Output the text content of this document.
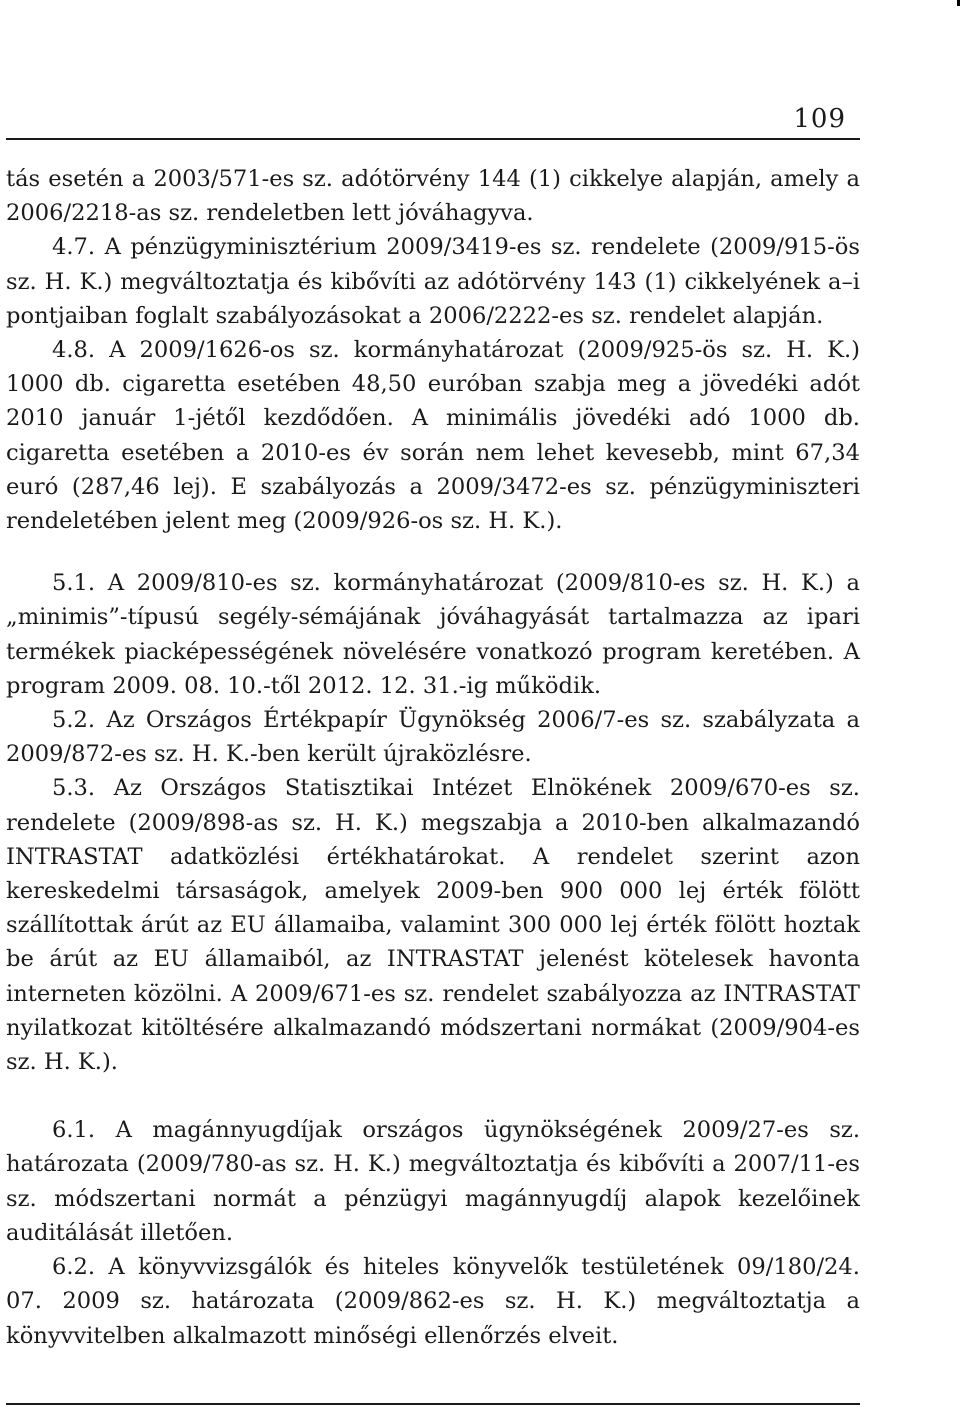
109

tás esetén a 2003/571-es sz. adótörvény 144 (1) cikkelye alapján, amely a 2006/2218-as sz. rendeletben lett jóváhagyva.

4.7. A pénzügyminisztérium 2009/3419-es sz. rendelete (2009/915-ös sz. H. K.) megváltoztatja és kibővíti az adótörvény 143 (1) cikkelyének a–i pontjaiban foglalt szabályozásokat a 2006/2222-es sz. rendelet alapján.

4.8. A 2009/1626-os sz. kormányhatározat (2009/925-ös sz. H. K.) 1000 db. cigaretta esetében 48,50 euróban szabja meg a jövedéki adót 2010 január 1-jétől kezdődően. A minimális jövedéki adó 1000 db. cigaretta esetében a 2010-es év során nem lehet kevesebb, mint 67,34 euró (287,46 lej). E szabályozás a 2009/3472-es sz. pénzügyminiszteri rendeletében jelent meg (2009/926-os sz. H. K.).

5.1. A 2009/810-es sz. kormányhatározat (2009/810-es sz. H. K.) a „minimis”-típusú segély-sémájának jóváhagyását tartalmazza az ipari termékek piacképességének növelésére vonatkozó program keretében. A program 2009. 08. 10.-től 2012. 12. 31.-ig működik.

5.2. Az Országos Értékpapír Ügynökség 2006/7-es sz. szabályzata a 2009/872-es sz. H. K.-ben került újraközlésre.

5.3. Az Országos Statisztikai Intézet Elnökének 2009/670-es sz. rendelete (2009/898-as sz. H. K.) megszabja a 2010-ben alkalmazandó INTRASTAT adatközlési értékhatárokat. A rendelet szerint azon kereskedelmi társaságok, amelyek 2009-ben 900 000 lej érték fölött szállítottak árút az EU államaiba, valamint 300 000 lej érték fölött hoztak be árút az EU államaiból, az INTRASTAT jelenést kötelesek havonta interneten közölni. A 2009/671-es sz. rendelet szabályozza az INTRASTAT nyilatkozat kitöltésére alkalmazandó módszertani normákat (2009/904-es sz. H. K.).

6.1. A magánnyugdíjak országos ügynökségének 2009/27-es sz. határozata (2009/780-as sz. H. K.) megváltoztatja és kibővíti a 2007/11-es sz. módszertani normát a pénzügyi magánnyugdíj alapok kezelőinek auditálását illetően.

6.2. A könyvvizsgálók és hiteles könyvelők testületének 09/180/24. 07. 2009 sz. határozata (2009/862-es sz. H. K.) megváltoztatja a könyvvitelben alkalmazott minőségi ellenőrzés elveit.
